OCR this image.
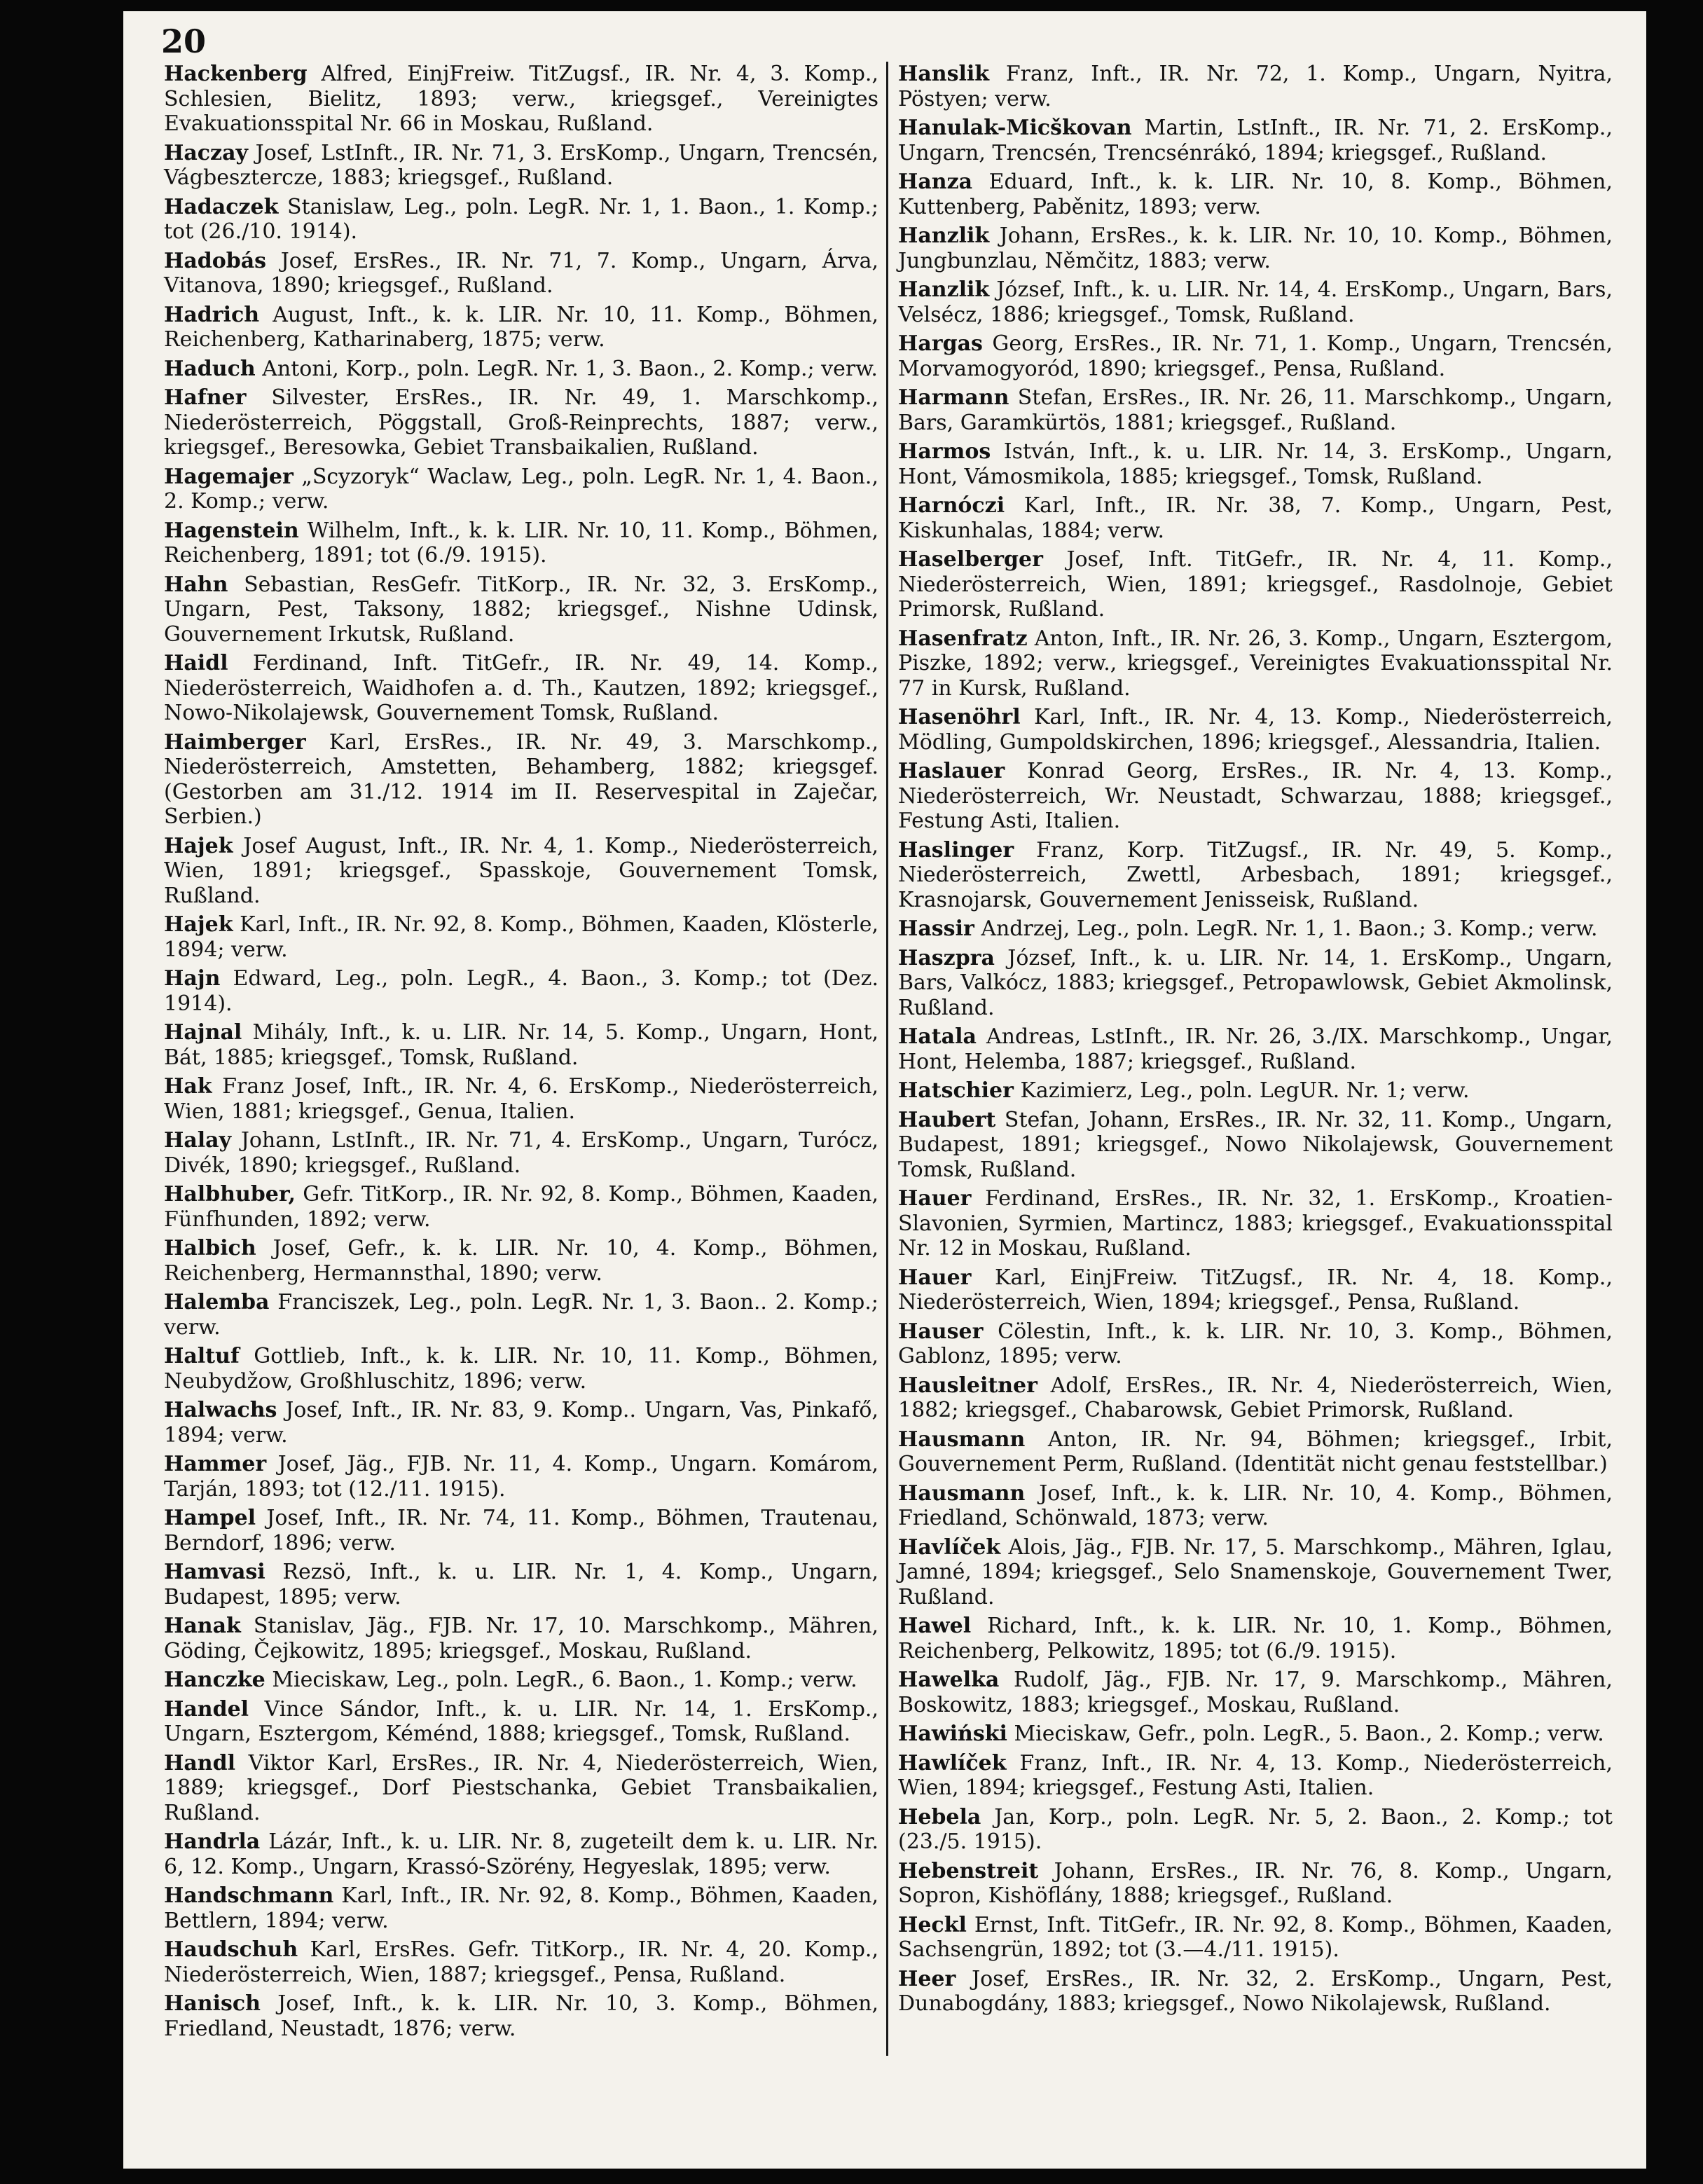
20
Hackenberg Alfred, EinjFreiw. TitZugsf., IR. Nr. 4, 3. Komp., Schlesien, Bielitz, 1893; verw., kriegsgef., Vereinigtes Evakuationsspital Nr. 66 in Moskau, Rußland.
Haczay Josef, LstInft., IR. Nr. 71, 3. ErsKomp., Ungarn, Trencsén, Vágbesztercze, 1883; kriegsgef., Rußland.
Hadaczek Stanislaw, Leg., poln. LegR. Nr. 1, 1. Baon., 1. Komp.; tot (26./10. 1914).
Hadobás Josef, ErsRes., IR. Nr. 71, 7. Komp., Ungarn, Árva, Vitanova, 1890; kriegsgef., Rußland.
Hadrich August, Inft., k. k. LIR. Nr. 10, 11. Komp., Böhmen, Reichenberg, Katharinaberg, 1875; verw.
Haduch Antoni, Korp., poln. LegR. Nr. 1, 3. Baon., 2. Komp.; verw.
Hafner Silvester, ErsRes., IR. Nr. 49, 1. Marschkomp., Niederösterreich, Pöggstall, Groß-Reinprechts, 1887; verw., kriegsgef., Beresowka, Gebiet Transbaikalien, Rußland.
Hagemajer „Scyzoryk“ Waclaw, Leg., poln. LegR. Nr. 1, 4. Baon., 2. Komp.; verw.
Hagenstein Wilhelm, Inft., k. k. LIR. Nr. 10, 11. Komp., Böhmen, Reichenberg, 1891; tot (6./9. 1915).
Hahn Sebastian, ResGefr. TitKorp., IR. Nr. 32, 3. ErsKomp., Ungarn, Pest, Taksony, 1882; kriegsgef., Nishne Udinsk, Gouvernement Irkutsk, Rußland.
Haidl Ferdinand, Inft. TitGefr., IR. Nr. 49, 14. Komp., Niederösterreich, Waidhofen a. d. Th., Kautzen, 1892; kriegsgef., Nowo-Nikolajewsk, Gouvernement Tomsk, Rußland.
Haimberger Karl, ErsRes., IR. Nr. 49, 3. Marschkomp., Niederösterreich, Amstetten, Behamberg, 1882; kriegsgef. (Gestorben am 31./12. 1914 im II. Reservespital in Zaječar, Serbien.)
Hajek Josef August, Inft., IR. Nr. 4, 1. Komp., Niederösterreich, Wien, 1891; kriegsgef., Spasskoje, Gouvernement Tomsk, Rußland.
Hajek Karl, Inft., IR. Nr. 92, 8. Komp., Böhmen, Kaaden, Klösterle, 1894; verw.
Hajn Edward, Leg., poln. LegR., 4. Baon., 3. Komp.; tot (Dez. 1914).
Hajnal Mihály, Inft., k. u. LIR. Nr. 14, 5. Komp., Ungarn, Hont, Bát, 1885; kriegsgef., Tomsk, Rußland.
Hak Franz Josef, Inft., IR. Nr. 4, 6. ErsKomp., Niederösterreich, Wien, 1881; kriegsgef., Genua, Italien.
Halay Johann, LstInft., IR. Nr. 71, 4. ErsKomp., Ungarn, Turócz, Divék, 1890; kriegsgef., Rußland.
Halbhuber, Gefr. TitKorp., IR. Nr. 92, 8. Komp., Böhmen, Kaaden, Fünfhunden, 1892; verw.
Halbich Josef, Gefr., k. k. LIR. Nr. 10, 4. Komp., Böhmen, Reichenberg, Hermannsthal, 1890; verw.
Halemba Franciszek, Leg., poln. LegR. Nr. 1, 3. Baon.. 2. Komp.; verw.
Haltuf Gottlieb, Inft., k. k. LIR. Nr. 10, 11. Komp., Böhmen, Neubydžow, Großhluschitz, 1896; verw.
Halwachs Josef, Inft., IR. Nr. 83, 9. Komp.. Ungarn, Vas, Pinkafő, 1894; verw.
Hammer Josef, Jäg., FJB. Nr. 11, 4. Komp., Ungarn. Komárom, Tarján, 1893; tot (12./11. 1915).
Hampel Josef, Inft., IR. Nr. 74, 11. Komp., Böhmen, Trautenau, Berndorf, 1896; verw.
Hamvasi Rezsö, Inft., k. u. LIR. Nr. 1, 4. Komp., Ungarn, Budapest, 1895; verw.
Hanak Stanislav, Jäg., FJB. Nr. 17, 10. Marschkomp., Mähren, Göding, Čejkowitz, 1895; kriegsgef., Moskau, Rußland.
Hanczke Mieciskaw, Leg., poln. LegR., 6. Baon., 1. Komp.; verw.
Handel Vince Sándor, Inft., k. u. LIR. Nr. 14, 1. ErsKomp., Ungarn, Esztergom, Kéménd, 1888; kriegsgef., Tomsk, Rußland.
Handl Viktor Karl, ErsRes., IR. Nr. 4, Niederösterreich, Wien, 1889; kriegsgef., Dorf Piestschanka, Gebiet Transbaikalien, Rußland.
Handrla Lázár, Inft., k. u. LIR. Nr. 8, zugeteilt dem k. u. LIR. Nr. 6, 12. Komp., Ungarn, Krassó-Szörény, Hegyeslak, 1895; verw.
Handschmann Karl, Inft., IR. Nr. 92, 8. Komp., Böhmen, Kaaden, Bettlern, 1894; verw.
Haudschuh Karl, ErsRes. Gefr. TitKorp., IR. Nr. 4, 20. Komp., Niederösterreich, Wien, 1887; kriegsgef., Pensa, Rußland.
Hanisch Josef, Inft., k. k. LIR. Nr. 10, 3. Komp., Böhmen, Friedland, Neustadt, 1876; verw.
Hanslik Franz, Inft., IR. Nr. 72, 1. Komp., Ungarn, Nyitra, Pöstyen; verw.
Hanulak-Micškovan Martin, LstInft., IR. Nr. 71, 2. ErsKomp., Ungarn, Trencsén, Trencsénrákó, 1894; kriegsgef., Rußland.
Hanza Eduard, Inft., k. k. LIR. Nr. 10, 8. Komp., Böhmen, Kuttenberg, Paběnitz, 1893; verw.
Hanzlik Johann, ErsRes., k. k. LIR. Nr. 10, 10. Komp., Böhmen, Jungbunzlau, Němčitz, 1883; verw.
Hanzlik József, Inft., k. u. LIR. Nr. 14, 4. ErsKomp., Ungarn, Bars, Velsécz, 1886; kriegsgef., Tomsk, Rußland.
Hargas Georg, ErsRes., IR. Nr. 71, 1. Komp., Ungarn, Trencsén, Morvamogyoród, 1890; kriegsgef., Pensa, Rußland.
Harmann Stefan, ErsRes., IR. Nr. 26, 11. Marschkomp., Ungarn, Bars, Garamkürtös, 1881; kriegsgef., Rußland.
Harmos István, Inft., k. u. LIR. Nr. 14, 3. ErsKomp., Ungarn, Hont, Vámosmikola, 1885; kriegsgef., Tomsk, Rußland.
Harnóczi Karl, Inft., IR. Nr. 38, 7. Komp., Ungarn, Pest, Kiskunhalas, 1884; verw.
Haselberger Josef, Inft. TitGefr., IR. Nr. 4, 11. Komp., Niederösterreich, Wien, 1891; kriegsgef., Rasdolnoje, Gebiet Primorsk, Rußland.
Hasenfratz Anton, Inft., IR. Nr. 26, 3. Komp., Ungarn, Esztergom, Piszke, 1892; verw., kriegsgef., Vereinigtes Evakuationsspital Nr. 77 in Kursk, Rußland.
Hasenöhrl Karl, Inft., IR. Nr. 4, 13. Komp., Niederösterreich, Mödling, Gumpoldskirchen, 1896; kriegsgef., Alessandria, Italien.
Haslauer Konrad Georg, ErsRes., IR. Nr. 4, 13. Komp., Niederösterreich, Wr. Neustadt, Schwarzau, 1888; kriegsgef., Festung Asti, Italien.
Haslinger Franz, Korp. TitZugsf., IR. Nr. 49, 5. Komp., Niederösterreich, Zwettl, Arbesbach, 1891; kriegsgef., Krasnojarsk, Gouvernement Jenisseisk, Rußland.
Hassir Andrzej, Leg., poln. LegR. Nr. 1, 1. Baon.; 3. Komp.; verw.
Haszpra József, Inft., k. u. LIR. Nr. 14, 1. ErsKomp., Ungarn, Bars, Valkócz, 1883; kriegsgef., Petropawlowsk, Gebiet Akmolinsk, Rußland.
Hatala Andreas, LstInft., IR. Nr. 26, 3./IX. Marschkomp., Ungar, Hont, Helemba, 1887; kriegsgef., Rußland.
Hatschier Kazimierz, Leg., poln. LegUR. Nr. 1; verw.
Haubert Stefan, Johann, ErsRes., IR. Nr. 32, 11. Komp., Ungarn, Budapest, 1891; kriegsgef., Nowo Nikolajewsk, Gouvernement Tomsk, Rußland.
Hauer Ferdinand, ErsRes., IR. Nr. 32, 1. ErsKomp., Kroatien-Slavonien, Syrmien, Martincz, 1883; kriegsgef., Evakuationsspital Nr. 12 in Moskau, Rußland.
Hauer Karl, EinjFreiw. TitZugsf., IR. Nr. 4, 18. Komp., Niederösterreich, Wien, 1894; kriegsgef., Pensa, Rußland.
Hauser Cölestin, Inft., k. k. LIR. Nr. 10, 3. Komp., Böhmen, Gablonz, 1895; verw.
Hausleitner Adolf, ErsRes., IR. Nr. 4, Niederösterreich, Wien, 1882; kriegsgef., Chabarowsk, Gebiet Primorsk, Rußland.
Hausmann Anton, IR. Nr. 94, Böhmen; kriegsgef., Irbit, Gouvernement Perm, Rußland. (Identität nicht genau feststellbar.)
Hausmann Josef, Inft., k. k. LIR. Nr. 10, 4. Komp., Böhmen, Friedland, Schönwald, 1873; verw.
Havlíček Alois, Jäg., FJB. Nr. 17, 5. Marschkomp., Mähren, Iglau, Jamné, 1894; kriegsgef., Selo Snamenskoje, Gouvernement Twer, Rußland.
Hawel Richard, Inft., k. k. LIR. Nr. 10, 1. Komp., Böhmen, Reichenberg, Pelkowitz, 1895; tot (6./9. 1915).
Hawelka Rudolf, Jäg., FJB. Nr. 17, 9. Marschkomp., Mähren, Boskowitz, 1883; kriegsgef., Moskau, Rußland.
Hawiński Mieciskaw, Gefr., poln. LegR., 5. Baon., 2. Komp.; verw.
Hawlíček Franz, Inft., IR. Nr. 4, 13. Komp., Niederösterreich, Wien, 1894; kriegsgef., Festung Asti, Italien.
Hebela Jan, Korp., poln. LegR. Nr. 5, 2. Baon., 2. Komp.; tot (23./5. 1915).
Hebenstreit Johann, ErsRes., IR. Nr. 76, 8. Komp., Ungarn, Sopron, Kishöflány, 1888; kriegsgef., Rußland.
Heckl Ernst, Inft. TitGefr., IR. Nr. 92, 8. Komp., Böhmen, Kaaden, Sachsengrün, 1892; tot (3.—4./11. 1915).
Heer Josef, ErsRes., IR. Nr. 32, 2. ErsKomp., Ungarn, Pest, Dunabogdány, 1883; kriegsgef., Nowo Nikolajewsk, Rußland.
